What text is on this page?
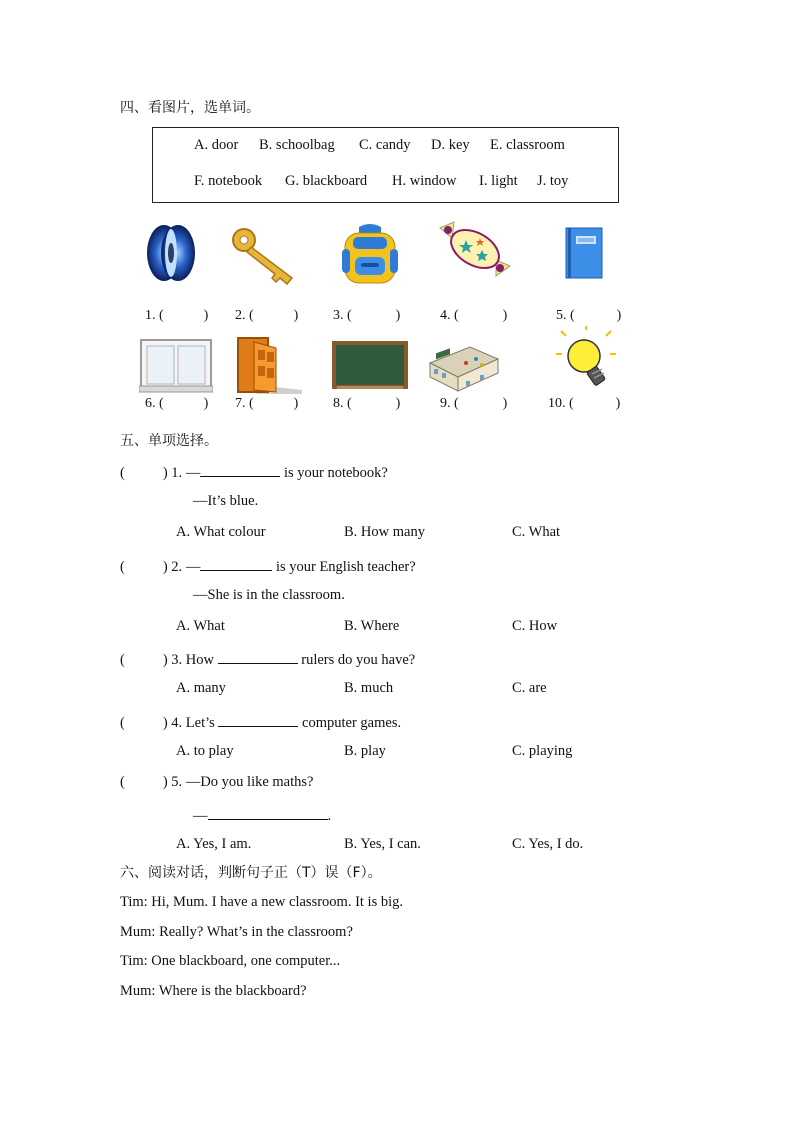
四、看图片，选单词。
A. door B. schoolbag C. candy D. key E. classroom
F. notebook G. blackboard H. window I. light J. toy
1. (	) 2. (	) 3. (	)	4. (	)	5. (	)
6. (	) 7. (	) 8. (	)	9. (	)	10. (	)
五、单项选择。
(	) 1. —	is your notebook?
—It’s blue.
A. What colour	B. How many	C. What
(	) 2. —	is your English teacher?
—She is in the classroom.
A. What	B. Where	C. How
(	) 3. How	rulers do you have?
A. many	B. much	C. are
(	) 4. Let’s	computer games.
A. to play	B. play	C. playing
(	) 5. —Do you like maths?
—	.
A. Yes, I am.	B. Yes, I can.	C. Yes, I do.
六、阅读对话，判断句子正（T）误（F）。
Tim: Hi, Mum. I have a new classroom. It is big.
Mum: Really? What’s in the classroom?
Tim: One blackboard, one computer...
Mum: Where is the blackboard?
